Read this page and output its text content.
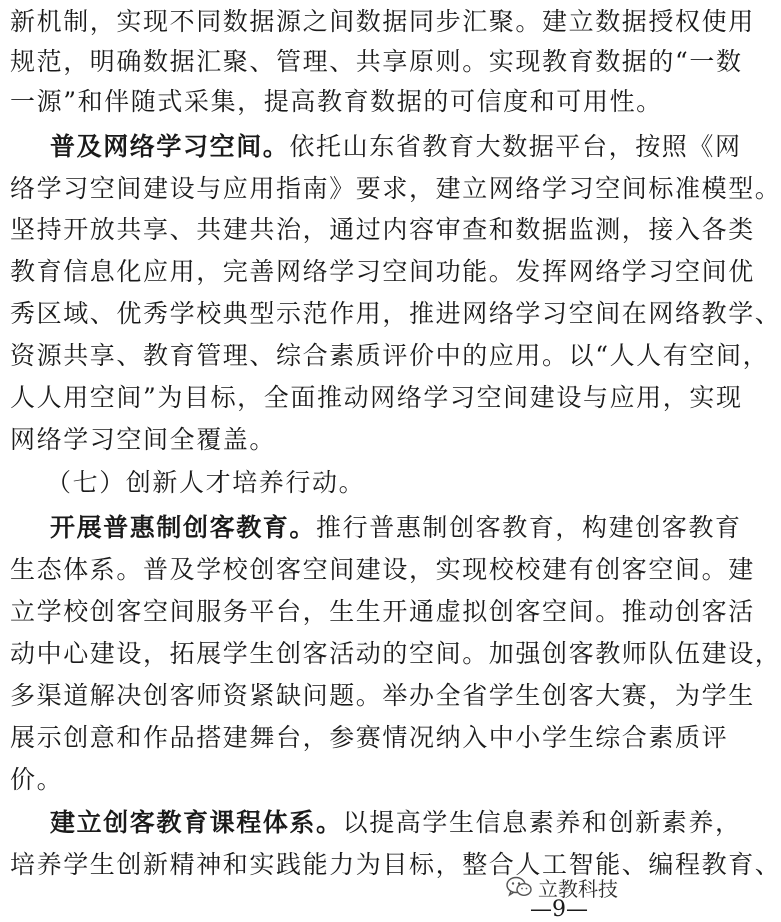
新机制，实现不同数据源之间数据同步汇聚。建立数据授权使用
规范，明确数据汇聚、管理、共享原则。实现教育数据的“一数
一源”和伴随式采集，提高教育数据的可信度和可用性。
普及网络学习空间。依托山东省教育大数据平台，按照《网
络学习空间建设与应用指南》要求，建立网络学习空间标准模型。
坚持开放共享、共建共治，通过内容审查和数据监测，接入各类
教育信息化应用，完善网络学习空间功能。发挥网络学习空间优
秀区域、优秀学校典型示范作用，推进网络学习空间在网络教学、
资源共享、教育管理、综合素质评价中的应用。以“人人有空间，
人人用空间”为目标，全面推动网络学习空间建设与应用，实现
网络学习空间全覆盖。
（七）创新人才培养行动。
开展普惠制创客教育。推行普惠制创客教育，构建创客教育
生态体系。普及学校创客空间建设，实现校校建有创客空间。建
立学校创客空间服务平台，生生开通虚拟创客空间。推动创客活
动中心建设，拓展学生创客活动的空间。加强创客教师队伍建设，
多渠道解决创客师资紧缺问题。举办全省学生创客大赛，为学生
展示创意和作品搭建舞台，参赛情况纳入中小学生综合素质评
价。
建立创客教育课程体系。以提高学生信息素养和创新素养，
培养学生创新精神和实践能力为目标，整合人工智能、编程教育、
立教科技
—9—
